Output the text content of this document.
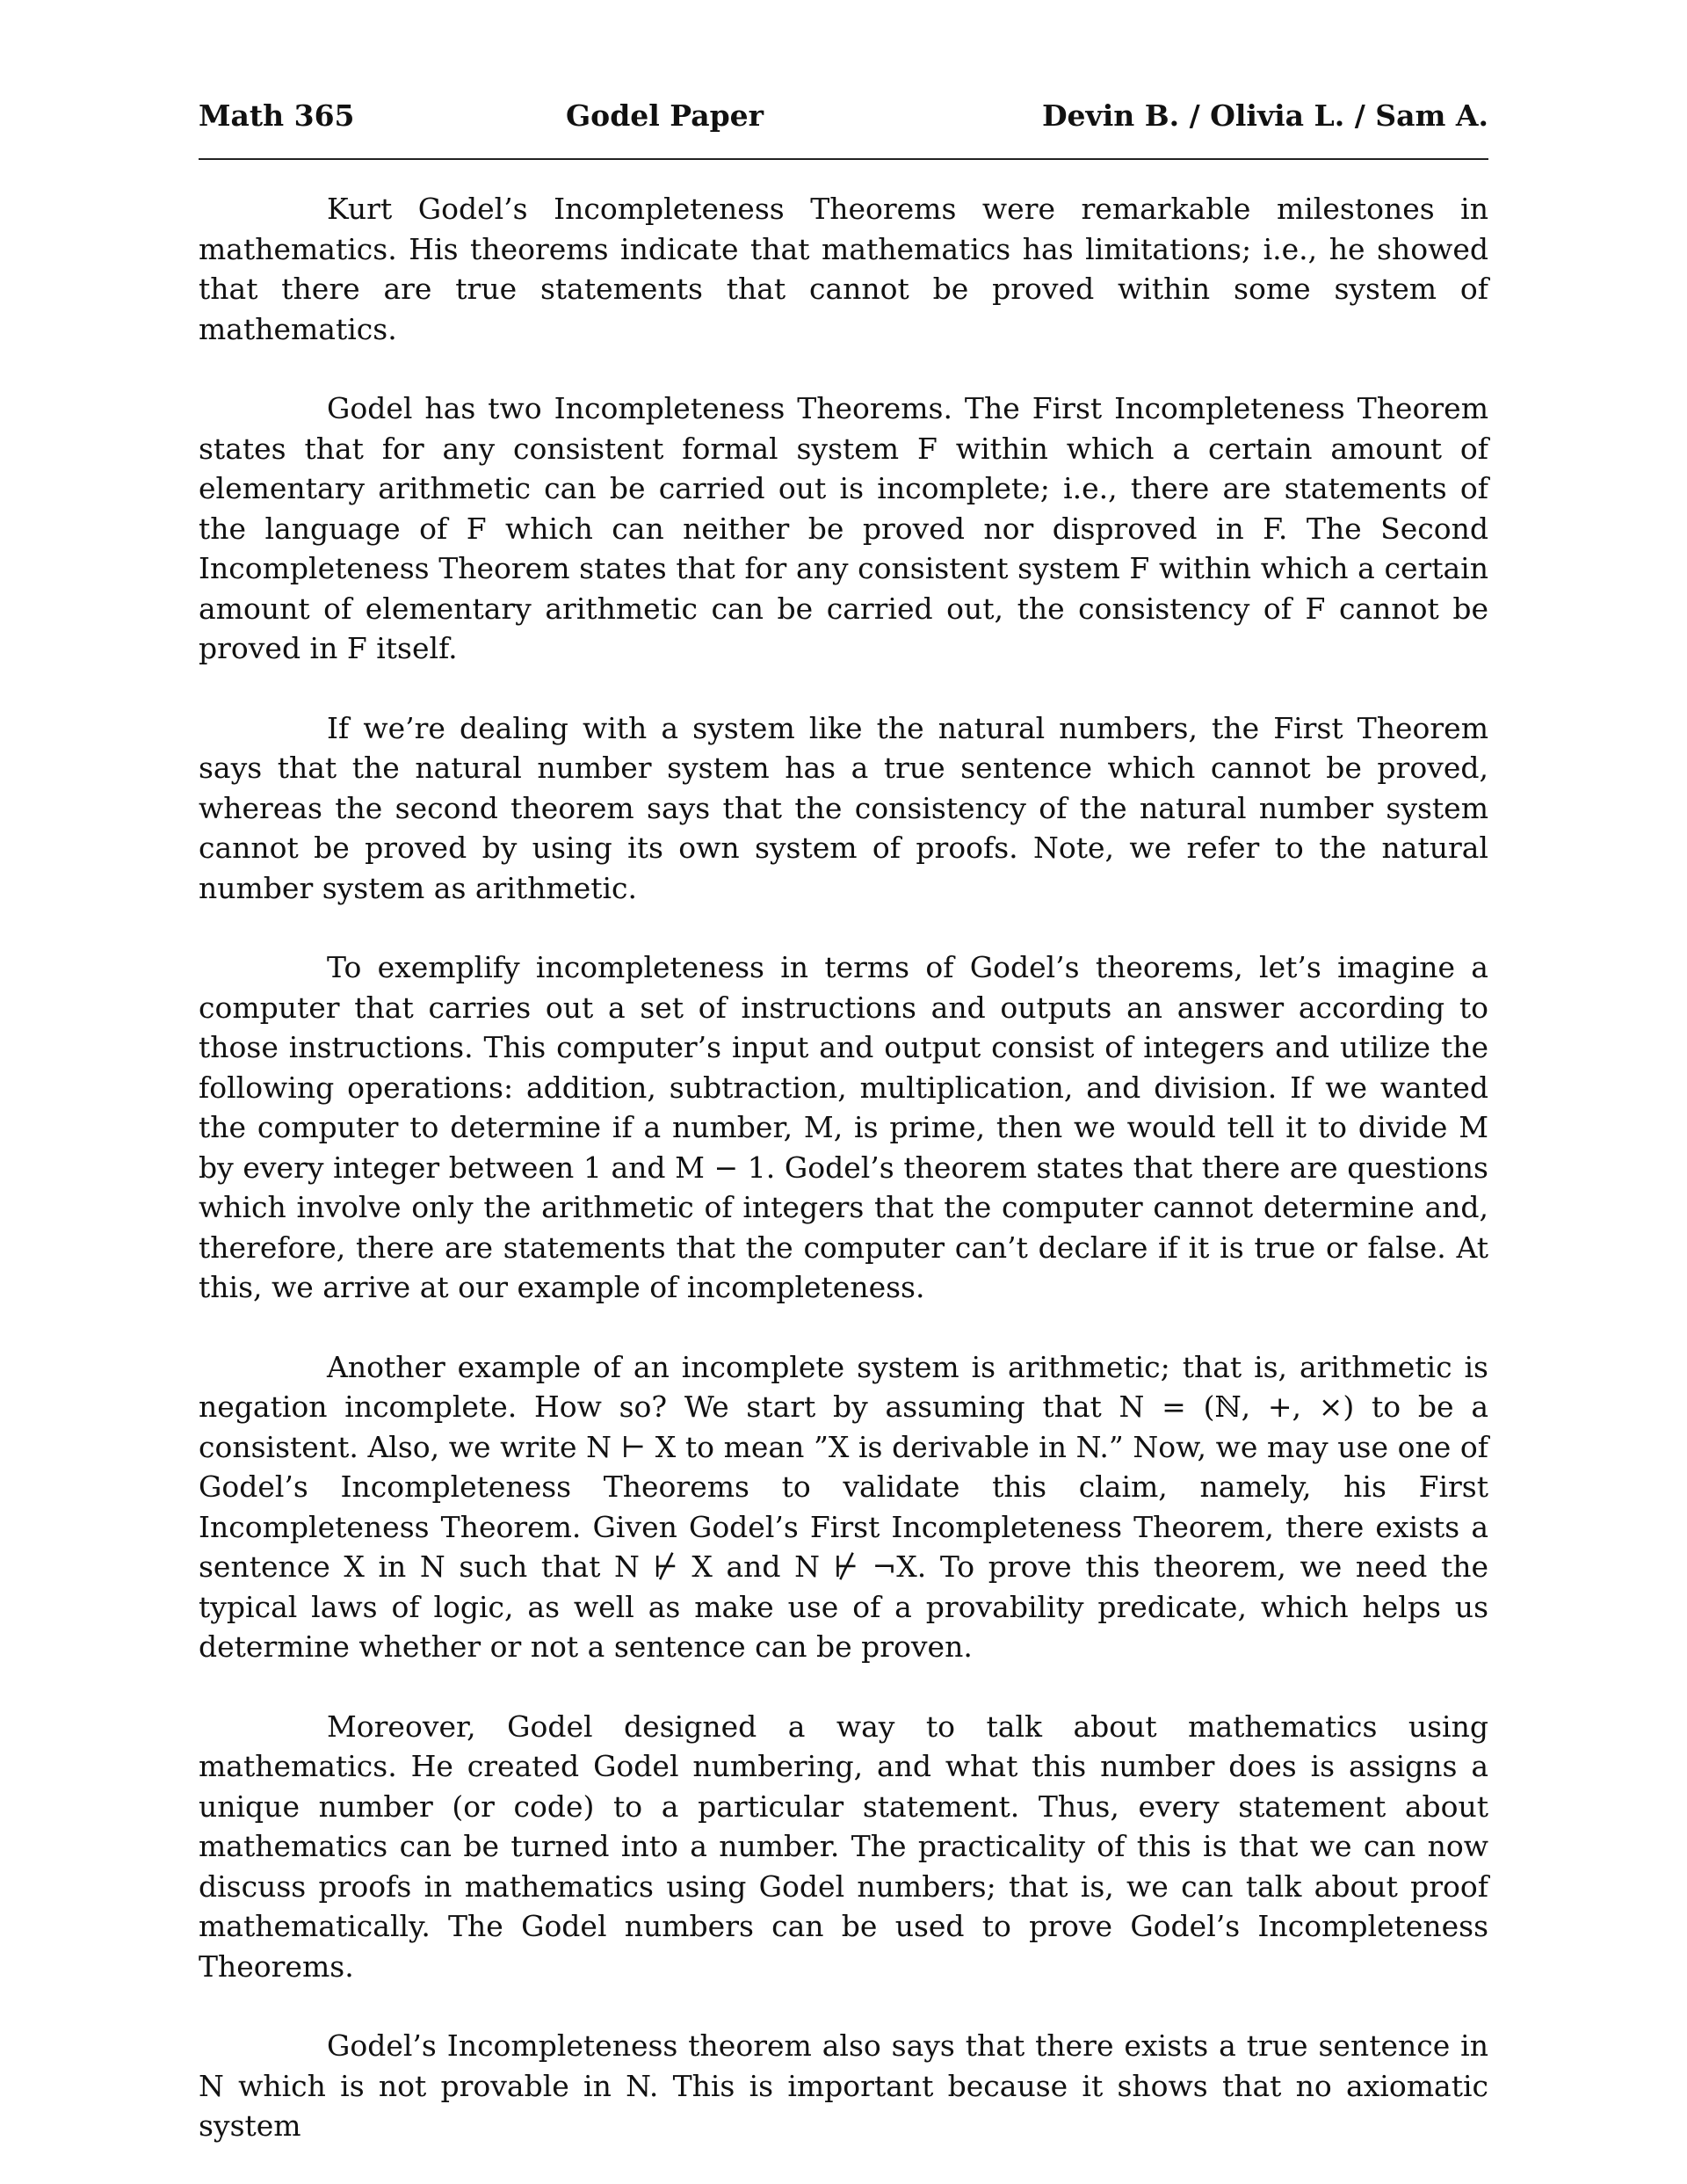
Math 365	Godel Paper	Devin B. / Olivia L. / Sam A.

Kurt Godel’s Incompleteness Theorems were remarkable milestones in mathematics. His theorems indicate that mathematics has limitations; i.e., he showed that there are true statements that cannot be proved within some system of mathematics.

Godel has two Incompleteness Theorems. The First Incompleteness Theorem states that for any consistent formal system F within which a certain amount of elementary arithmetic can be carried out is incomplete; i.e., there are statements of the language of F which can neither be proved nor disproved in F. The Second Incompleteness Theorem states that for any consistent system F within which a certain amount of elementary arithmetic can be carried out, the consistency of F cannot be proved in F itself.

If we’re dealing with a system like the natural numbers, the First Theorem says that the natural number system has a true sentence which cannot be proved, whereas the second theorem says that the consistency of the natural number system cannot be proved by using its own system of proofs. Note, we refer to the natural number system as arithmetic.

To exemplify incompleteness in terms of Godel’s theorems, let’s imagine a computer that carries out a set of instructions and outputs an answer according to those instructions. This computer’s input and output consist of integers and utilize the following operations: addition, subtraction, multiplication, and division. If we wanted the computer to determine if a number, M, is prime, then we would tell it to divide M by every integer between 1 and M − 1. Godel’s theorem states that there are questions which involve only the arithmetic of integers that the computer cannot determine and, therefore, there are statements that the computer can’t declare if it is true or false. At this, we arrive at our example of incompleteness.

Another example of an incomplete system is arithmetic; that is, arithmetic is negation incomplete. How so? We start by assuming that N = (ℕ, +, ×) to be a consistent. Also, we write N ⊢ X to mean ”X is derivable in N.” Now, we may use one of Godel’s Incompleteness Theorems to validate this claim, namely, his First Incompleteness Theorem. Given Godel’s First Incompleteness Theorem, there exists a sentence X in N such that N ⊬ X and N ⊬ ¬X. To prove this theorem, we need the typical laws of logic, as well as make use of a provability predicate, which helps us determine whether or not a sentence can be proven.

Moreover, Godel designed a way to talk about mathematics using mathematics. He created Godel numbering, and what this number does is assigns a unique number (or code) to a particular statement. Thus, every statement about mathematics can be turned into a number. The practicality of this is that we can now discuss proofs in mathematics using Godel numbers; that is, we can talk about proof mathematically. The Godel numbers can be used to prove Godel’s Incompleteness Theorems.

Godel’s Incompleteness theorem also says that there exists a true sentence in N which is not provable in N. This is important because it shows that no axiomatic system
